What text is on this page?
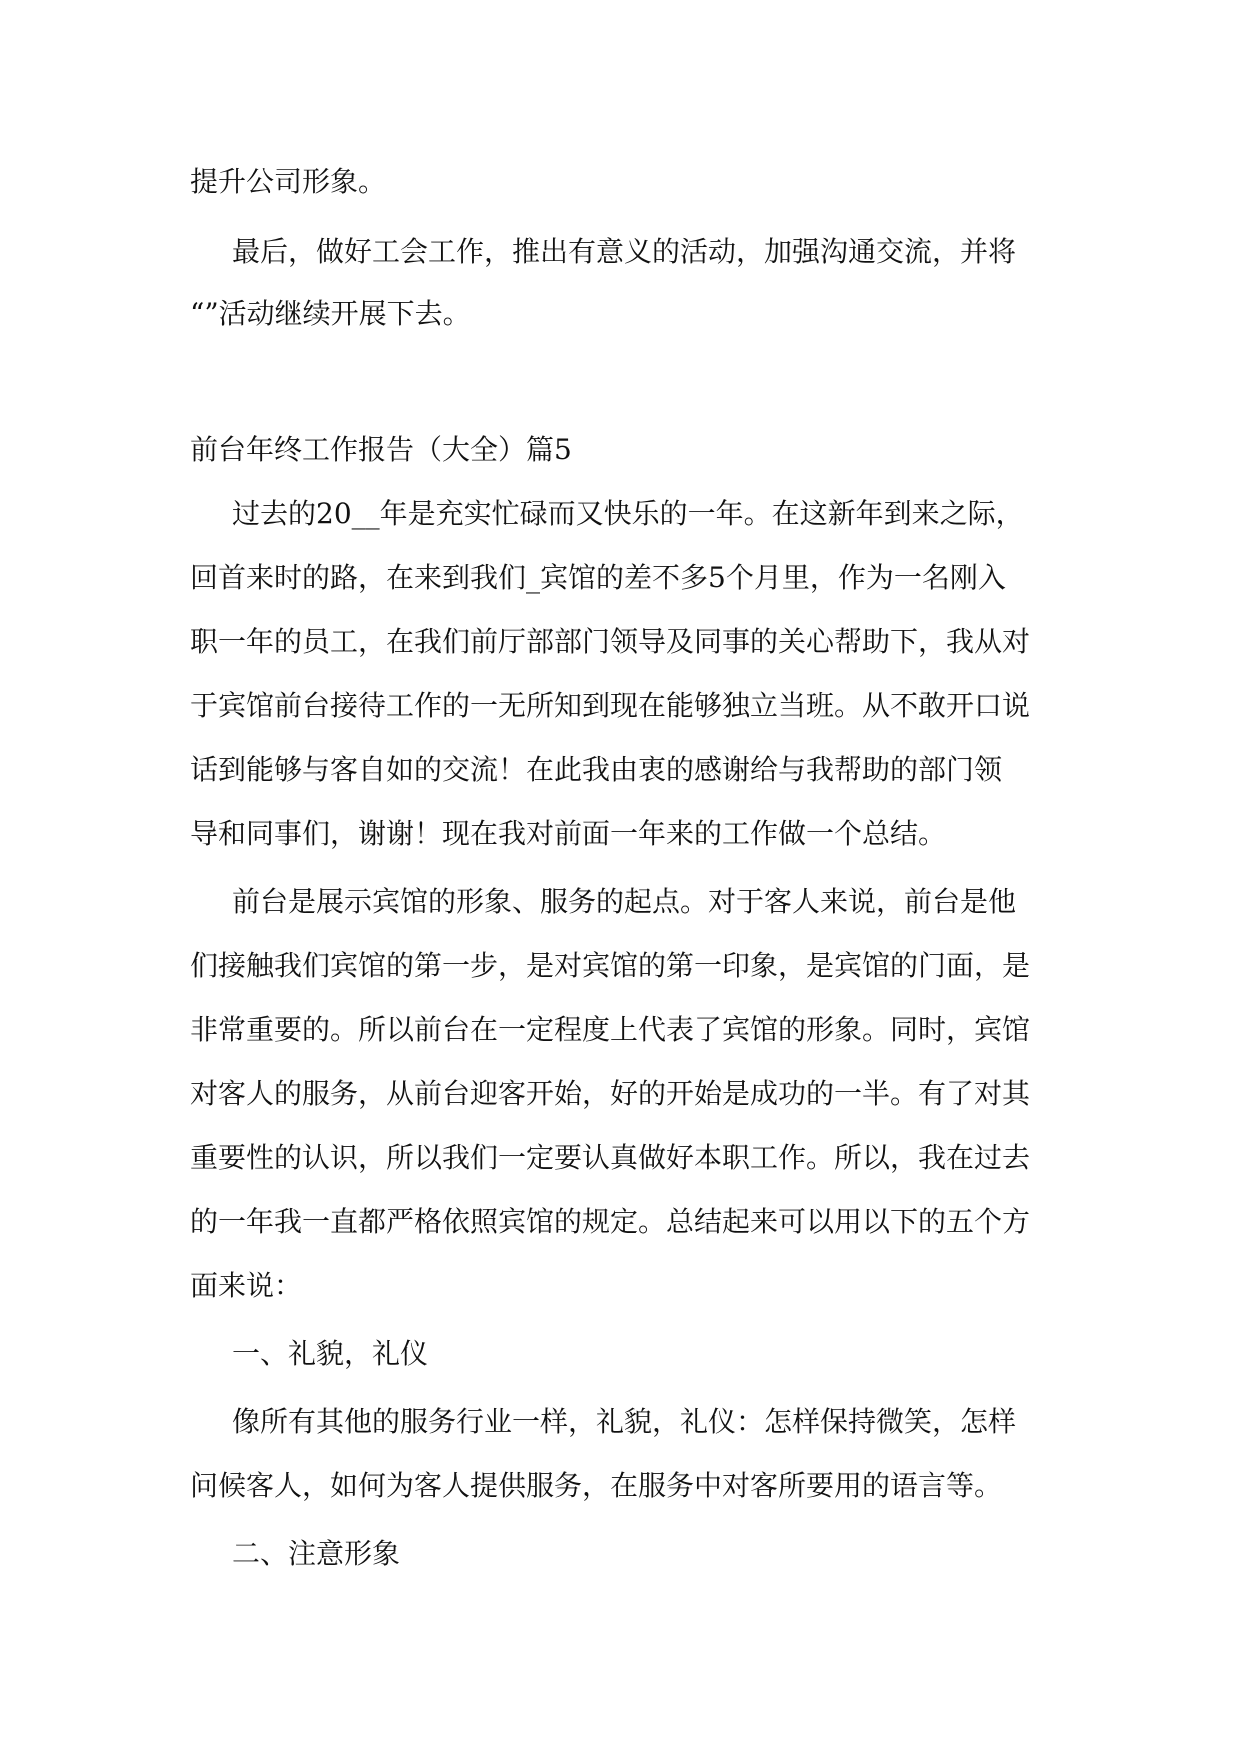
提升公司形象。
最后，做好工会工作，推出有意义的活动，加强沟通交流，并将
“”活动继续开展下去。
前台年终工作报告（大全）篇5
过去的20__年是充实忙碌而又快乐的一年。在这新年到来之际，
回首来时的路，在来到我们_宾馆的差不多5个月里，作为一名刚入
职一年的员工，在我们前厅部部门领导及同事的关心帮助下，我从对
于宾馆前台接待工作的一无所知到现在能够独立当班。从不敢开口说
话到能够与客自如的交流！在此我由衷的感谢给与我帮助的部门领
导和同事们，谢谢！现在我对前面一年来的工作做一个总结。
前台是展示宾馆的形象、服务的起点。对于客人来说，前台是他
们接触我们宾馆的第一步，是对宾馆的第一印象，是宾馆的门面，是
非常重要的。所以前台在一定程度上代表了宾馆的形象。同时，宾馆
对客人的服务，从前台迎客开始，好的开始是成功的一半。有了对其
重要性的认识，所以我们一定要认真做好本职工作。所以，我在过去
的一年我一直都严格依照宾馆的规定。总结起来可以用以下的五个方
面来说：
一、礼貌，礼仪
像所有其他的服务行业一样，礼貌，礼仪：怎样保持微笑，怎样
问候客人，如何为客人提供服务，在服务中对客所要用的语言等。
二、注意形象
